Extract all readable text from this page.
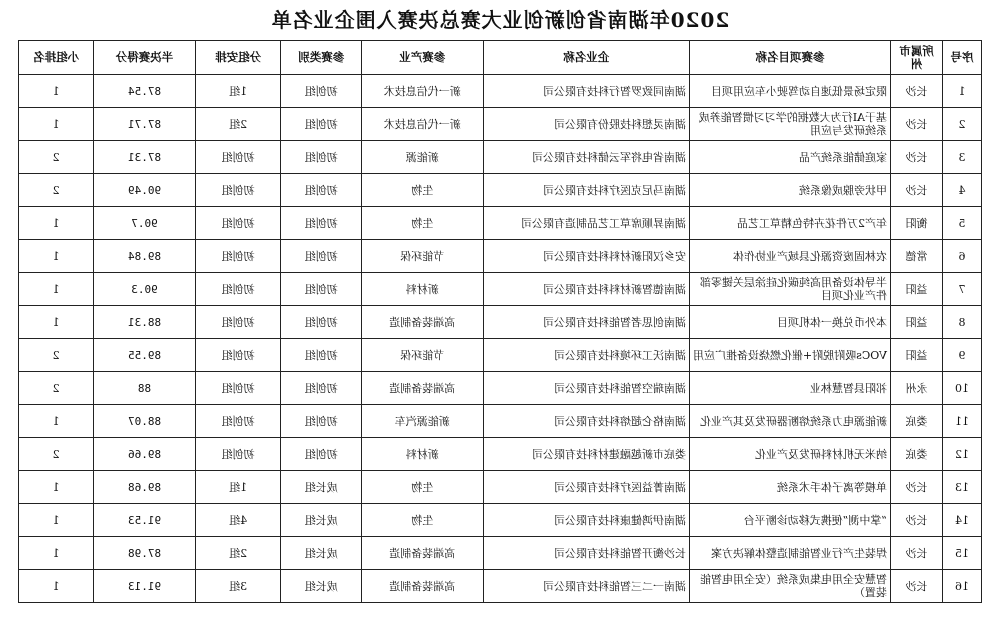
2020年湖南省创新创业大赛总决赛入围企业名单
序号	所属市州	参赛项目名称	企业名称	参赛产业	参赛类别	分组安排	半决赛得分	小组排名
1	长沙	限定场景低速自动驾驶小车应用项目	湖南同致罗智行科技有限公司	新一代信息技术	初创组	1组	87.54	1
2	长沙	基于AI行为大数据的学习习惯智能养成系统研发与应用	湖南灵想科技股份有限公司	新一代信息技术	初创组	2组	87.71	1
3	长沙	家庭储能系统产品	湖南省电将军云储科技有限公司	新能源	初创组	初创组	87.31	2
4	长沙	甲状旁腺成像系统	湖南马尼克医疗科技有限公司	生物	初创组	初创组	90.49	2
5	衡阳	年产2万件花卉特色精草工艺品	湖南昇顺席草工艺品制造有限公司	生物	初创组	初创组	90.7	1
6	常德	农林固废资源化县域产业协作体	安乡汉阳新材料科技有限公司	节能环保	初创组	初创组	89.84	1
7	益阳	半导体设备用高纯碳化硅涂层关键零部件产业化项目	湖南德智新材料科技有限公司	新材料	初创组	初创组	90.3	1
8	益阳	本外币兑换一体机项目	湖南创思者智能科技有限公司	高端装备制造	初创组	初创组	88.31	1
9	益阳	VOCs吸附脱附+催化燃烧设备推广应用	湖南沃工环境科技有限公司	节能环保	初创组	初创组	89.55	2
10	永州	祁阳县智慧林业	湖南瑞空智能科技有限公司	高端装备制造	初创组	初创组	88	2
11	娄底	新能源电力系统熔断器研发及其产业化	湖南格仑超熔科技有限公司	新能源汽车	初创组	初创组	88.07	1
12	娄底	纳米无机材料研发及产业化	娄底市新越融建材科技有限公司	新材料	初创组	初创组	89.66	2
13	长沙	单模等离子体手术系统	湖南菁益医疗科技有限公司	生物	成长组	1组	89.68	1
14	长沙	“掌中测”便携式移动诊断平台	湖南伊鸿健康科技有限公司	生物	成长组	4组	91.53	1
15	长沙	焊装生产行业智能制造整体解决方案	长沙衡开智能科技有限公司	高端装备制造	成长组	2组	87.98	1
16	长沙	智慧安全用电集成系统（安全用电智能装置）	湖南一二三智能科技有限公司	高端装备制造	成长组	3组	91.13	1
